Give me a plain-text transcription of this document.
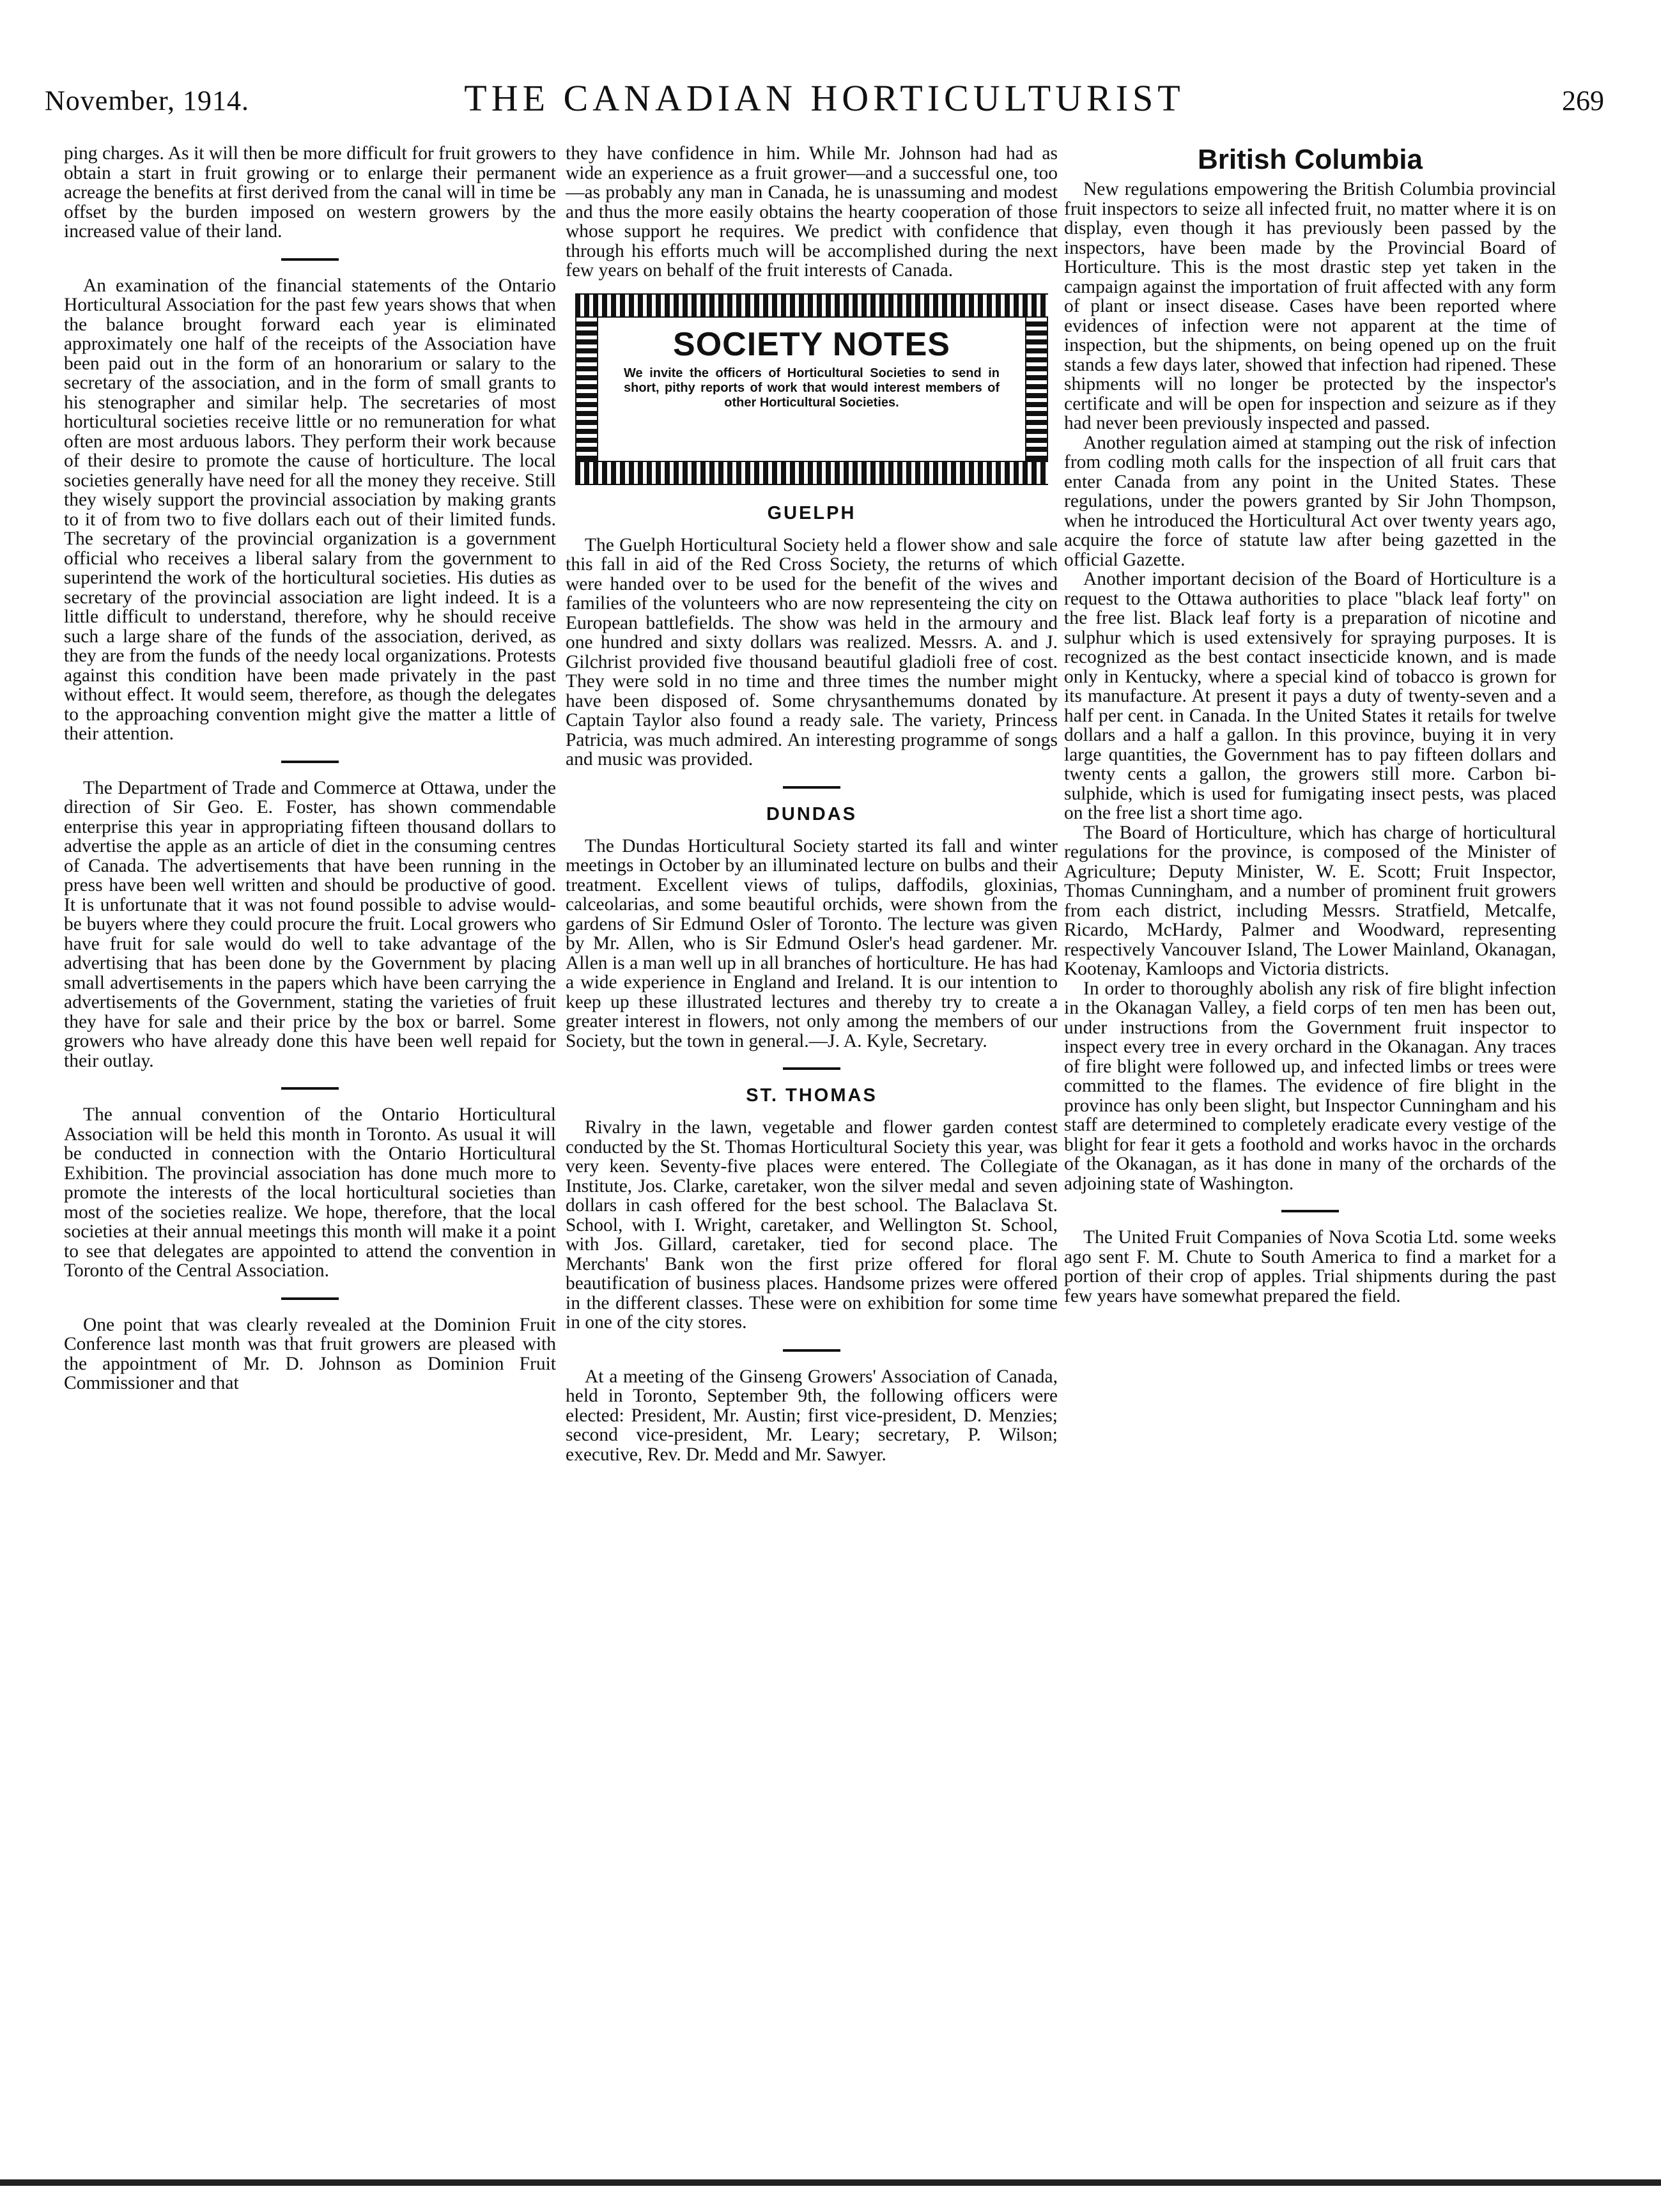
November, 1914.	THE CANADIAN HORTICULTURIST	269

ping charges. As it will then be more difficult for fruit growers to obtain a start in fruit growing or to enlarge their permanent acreage the benefits at first derived from the canal will in time be offset by the burden imposed on western growers by the increased value of their land.

An examination of the financial statements of the Ontario Horticultural Association for the past few years shows that when the balance brought forward each year is eliminated approximately one half of the receipts of the Association have been paid out in the form of an honorarium or salary to the secretary of the association, and in the form of small grants to his stenographer and similar help. The secretaries of most horticultural societies receive little or no remuneration for what often are most arduous labors. They perform their work because of their desire to promote the cause of horticulture. The local societies generally have need for all the money they receive. Still they wisely support the provincial association by making grants to it of from two to five dollars each out of their limited funds. The secretary of the provincial organization is a government official who receives a liberal salary from the government to superintend the work of the horticultural societies. His duties as secretary of the provincial association are light indeed. It is a little difficult to understand, therefore, why he should receive such a large share of the funds of the association, derived, as they are from the funds of the needy local organizations. Protests against this condition have been made privately in the past without effect. It would seem, therefore, as though the delegates to the approaching convention might give the matter a little of their attention.

The Department of Trade and Commerce at Ottawa, under the direction of Sir Geo. E. Foster, has shown commendable enterprise this year in appropriating fifteen thousand dollars to advertise the apple as an article of diet in the consuming centres of Canada. The advertisements that have been running in the press have been well written and should be productive of good. It is unfortunate that it was not found possible to advise would-be buyers where they could procure the fruit. Local growers who have fruit for sale would do well to take advantage of the advertising that has been done by the Government by placing small advertisements in the papers which have been carrying the advertisements of the Government, stating the varieties of fruit they have for sale and their price by the box or barrel. Some growers who have already done this have been well repaid for their outlay.

The annual convention of the Ontario Horticultural Association will be held this month in Toronto. As usual it will be conducted in connection with the Ontario Horticultural Exhibition. The provincial association has done much more to promote the interests of the local horticultural societies than most of the societies realize. We hope, therefore, that the local societies at their annual meetings this month will make it a point to see that delegates are appointed to attend the convention in Toronto of the Central Association.

One point that was clearly revealed at the Dominion Fruit Conference last month was that fruit growers are pleased with the appointment of Mr. D. Johnson as Dominion Fruit Commissioner and that

they have confidence in him. While Mr. Johnson had had as wide an experience as a fruit grower—and a successful one, too—as probably any man in Canada, he is unassuming and modest and thus the more easily obtains the hearty cooperation of those whose support he requires. We predict with confidence that through his efforts much will be accomplished during the next few years on behalf of the fruit interests of Canada.

SOCIETY NOTES

We invite the officers of Horticultural Societies to send in short, pithy reports of work that would interest members of other Horticultural Societies.

GUELPH

The Guelph Horticultural Society held a flower show and sale this fall in aid of the Red Cross Society, the returns of which were handed over to be used for the benefit of the wives and families of the volunteers who are now representeing the city on European battlefields. The show was held in the armoury and one hundred and sixty dollars was realized. Messrs. A. and J. Gilchrist provided five thousand beautiful gladioli free of cost. They were sold in no time and three times the number might have been disposed of. Some chrysanthemums donated by Captain Taylor also found a ready sale. The variety, Princess Patricia, was much admired. An interesting programme of songs and music was provided.

DUNDAS

The Dundas Horticultural Society started its fall and winter meetings in October by an illuminated lecture on bulbs and their treatment. Excellent views of tulips, daffodils, gloxinias, calceolarias, and some beautiful orchids, were shown from the gardens of Sir Edmund Osler of Toronto. The lecture was given by Mr. Allen, who is Sir Edmund Osler's head gardener. Mr. Allen is a man well up in all branches of horticulture. He has had a wide experience in England and Ireland. It is our intention to keep up these illustrated lectures and thereby try to create a greater interest in flowers, not only among the members of our Society, but the town in general.—J. A. Kyle, Secretary.

ST. THOMAS

Rivalry in the lawn, vegetable and flower garden contest conducted by the St. Thomas Horticultural Society this year, was very keen. Seventy-five places were entered. The Collegiate Institute, Jos. Clarke, caretaker, won the silver medal and seven dollars in cash offered for the best school. The Balaclava St. School, with I. Wright, caretaker, and Wellington St. School, with Jos. Gillard, caretaker, tied for second place. The Merchants' Bank won the first prize offered for floral beautification of business places. Handsome prizes were offered in the different classes. These were on exhibition for some time in one of the city stores.

At a meeting of the Ginseng Growers' Association of Canada, held in Toronto, September 9th, the following officers were elected: President, Mr. Austin; first vice-president, D. Menzies; second vice-president, Mr. Leary; secretary, P. Wilson; executive, Rev. Dr. Medd and Mr. Sawyer.

British Columbia

New regulations empowering the British Columbia provincial fruit inspectors to seize all infected fruit, no matter where it is on display, even though it has previously been passed by the inspectors, have been made by the Provincial Board of Horticulture. This is the most drastic step yet taken in the campaign against the importation of fruit affected with any form of plant or insect disease. Cases have been reported where evidences of infection were not apparent at the time of inspection, but the shipments, on being opened up on the fruit stands a few days later, showed that infection had ripened. These shipments will no longer be protected by the inspector's certificate and will be open for inspection and seizure as if they had never been previously inspected and passed.

Another regulation aimed at stamping out the risk of infection from codling moth calls for the inspection of all fruit cars that enter Canada from any point in the United States. These regulations, under the powers granted by Sir John Thompson, when he introduced the Horticultural Act over twenty years ago, acquire the force of statute law after being gazetted in the official Gazette.

Another important decision of the Board of Horticulture is a request to the Ottawa authorities to place "black leaf forty" on the free list. Black leaf forty is a preparation of nicotine and sulphur which is used extensively for spraying purposes. It is recognized as the best contact insecticide known, and is made only in Kentucky, where a special kind of tobacco is grown for its manufacture. At present it pays a duty of twenty-seven and a half per cent. in Canada. In the United States it retails for twelve dollars and a half a gallon. In this province, buying it in very large quantities, the Government has to pay fifteen dollars and twenty cents a gallon, the growers still more. Carbon bi-sulphide, which is used for fumigating insect pests, was placed on the free list a short time ago.

The Board of Horticulture, which has charge of horticultural regulations for the province, is composed of the Minister of Agriculture; Deputy Minister, W. E. Scott; Fruit Inspector, Thomas Cunningham, and a number of prominent fruit growers from each district, including Messrs. Stratfield, Metcalfe, Ricardo, McHardy, Palmer and Woodward, representing respectively Vancouver Island, The Lower Mainland, Okanagan, Kootenay, Kamloops and Victoria districts.

In order to thoroughly abolish any risk of fire blight infection in the Okanagan Valley, a field corps of ten men has been out, under instructions from the Government fruit inspector to inspect every tree in every orchard in the Okanagan. Any traces of fire blight were followed up, and infected limbs or trees were committed to the flames. The evidence of fire blight in the province has only been slight, but Inspector Cunningham and his staff are determined to completely eradicate every vestige of the blight for fear it gets a foothold and works havoc in the orchards of the Okanagan, as it has done in many of the orchards of the adjoining state of Washington.

The United Fruit Companies of Nova Scotia Ltd. some weeks ago sent F. M. Chute to South America to find a market for a portion of their crop of apples. Trial shipments during the past few years have somewhat prepared the field.
